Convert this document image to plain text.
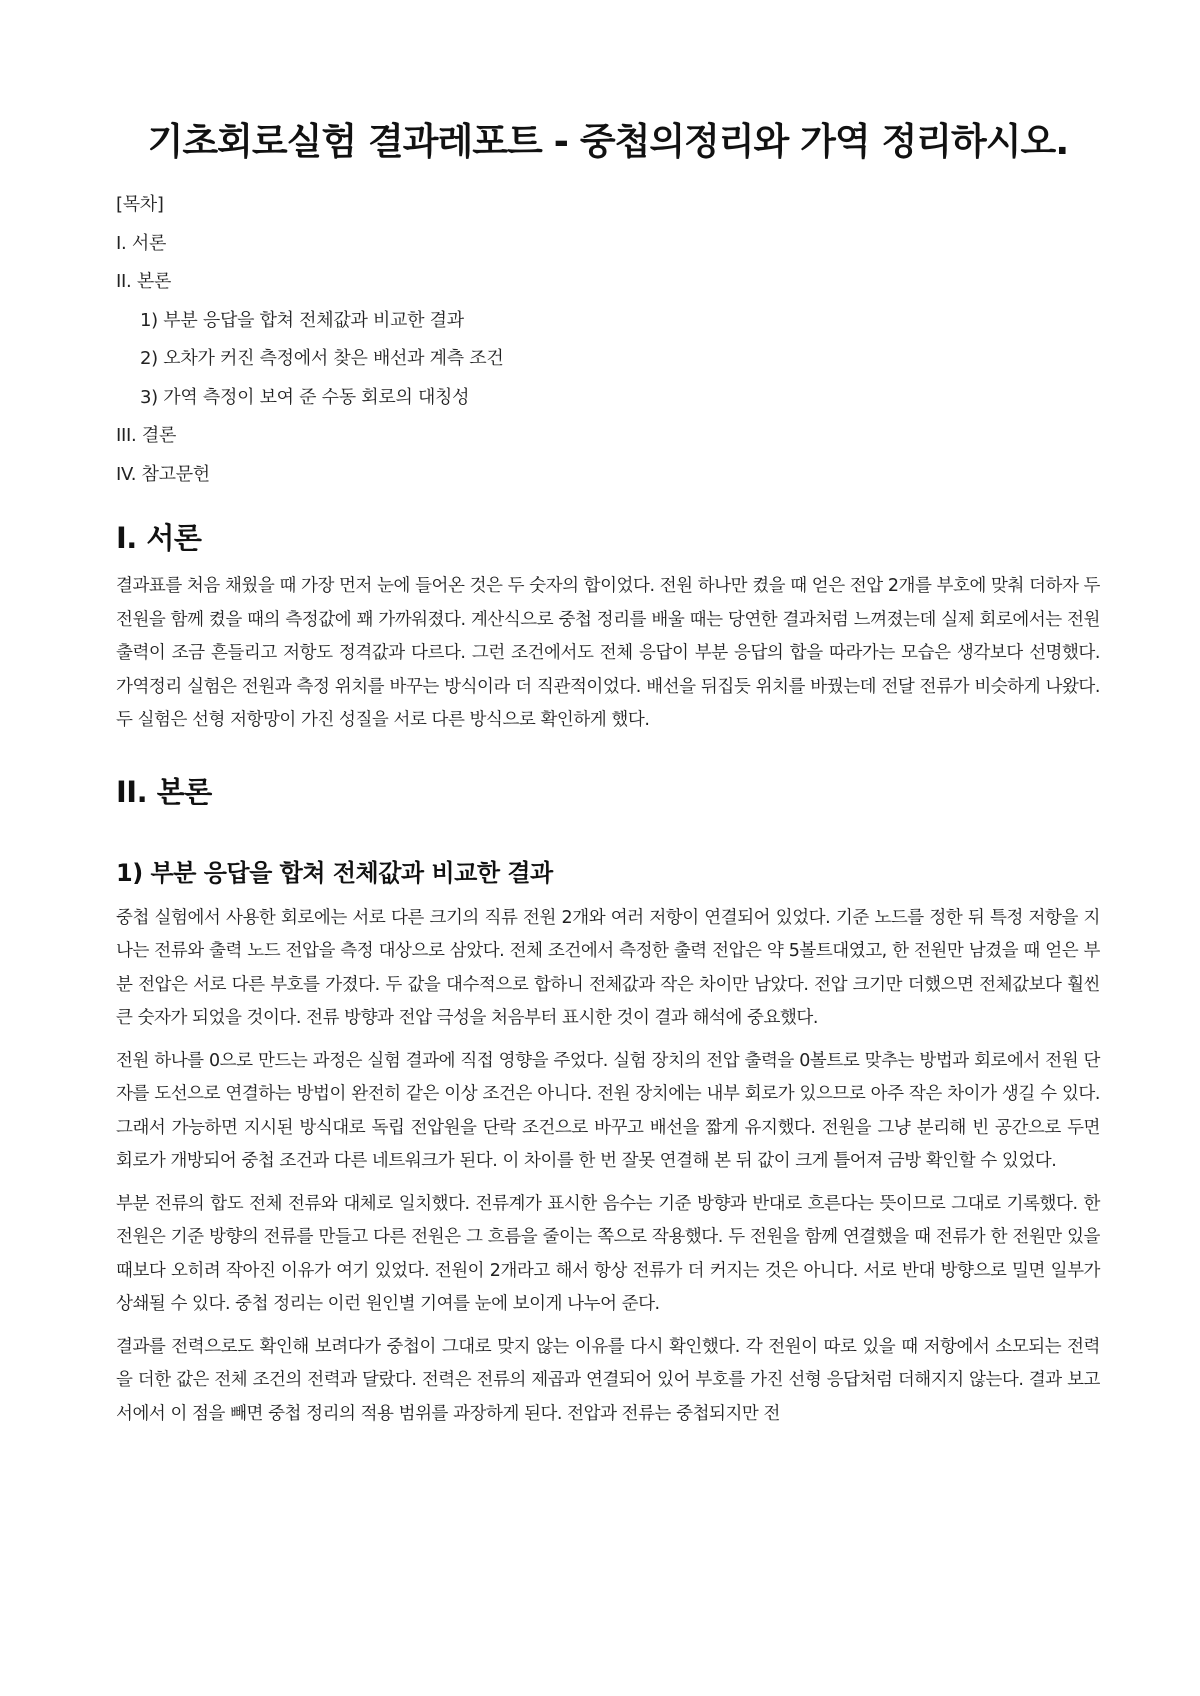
기초회로실험 결과레포트 - 중첩의정리와 가역 정리하시오.
[목차]
I. 서론
II. 본론
1) 부분 응답을 합쳐 전체값과 비교한 결과
2) 오차가 커진 측정에서 찾은 배선과 계측 조건
3) 가역 측정이 보여 준 수동 회로의 대칭성
III. 결론
IV. 참고문헌
I. 서론

결과표를 처음 채웠을 때 가장 먼저 눈에 들어온 것은 두 숫자의 합이었다. 전원 하나만 켰을 때 얻은 전압 2개를 부호에 맞춰 더하자 두 전원을 함께 켰을 때의 측정값에 꽤 가까워졌다. 계산식으로 중첩 정리를 배울 때는 당연한 결과처럼 느껴졌는데 실제 회로에서는 전원 출력이 조금 흔들리고 저항도 정격값과 다르다. 그런 조건에서도 전체 응답이 부분 응답의 합을 따라가는 모습은 생각보다 선명했다. 가역정리 실험은 전원과 측정 위치를 바꾸는 방식이라 더 직관적이었다. 배선을 뒤집듯 위치를 바꿨는데 전달 전류가 비슷하게 나왔다. 두 실험은 선형 저항망이 가진 성질을 서로 다른 방식으로 확인하게 했다.

II. 본론
1) 부분 응답을 합쳐 전체값과 비교한 결과

중첩 실험에서 사용한 회로에는 서로 다른 크기의 직류 전원 2개와 여러 저항이 연결되어 있었다. 기준 노드를 정한 뒤 특정 저항을 지나는 전류와 출력 노드 전압을 측정 대상으로 삼았다. 전체 조건에서 측정한 출력 전압은 약 5볼트대였고, 한 전원만 남겼을 때 얻은 부분 전압은 서로 다른 부호를 가졌다. 두 값을 대수적으로 합하니 전체값과 작은 차이만 남았다. 전압 크기만 더했으면 전체값보다 훨씬 큰 숫자가 되었을 것이다. 전류 방향과 전압 극성을 처음부터 표시한 것이 결과 해석에 중요했다.

전원 하나를 0으로 만드는 과정은 실험 결과에 직접 영향을 주었다. 실험 장치의 전압 출력을 0볼트로 맞추는 방법과 회로에서 전원 단자를 도선으로 연결하는 방법이 완전히 같은 이상 조건은 아니다. 전원 장치에는 내부 회로가 있으므로 아주 작은 차이가 생길 수 있다. 그래서 가능하면 지시된 방식대로 독립 전압원을 단락 조건으로 바꾸고 배선을 짧게 유지했다. 전원을 그냥 분리해 빈 공간으로 두면 회로가 개방되어 중첩 조건과 다른 네트워크가 된다. 이 차이를 한 번 잘못 연결해 본 뒤 값이 크게 틀어져 금방 확인할 수 있었다.

부분 전류의 합도 전체 전류와 대체로 일치했다. 전류계가 표시한 음수는 기준 방향과 반대로 흐른다는 뜻이므로 그대로 기록했다. 한 전원은 기준 방향의 전류를 만들고 다른 전원은 그 흐름을 줄이는 쪽으로 작용했다. 두 전원을 함께 연결했을 때 전류가 한 전원만 있을 때보다 오히려 작아진 이유가 여기 있었다. 전원이 2개라고 해서 항상 전류가 더 커지는 것은 아니다. 서로 반대 방향으로 밀면 일부가 상쇄될 수 있다. 중첩 정리는 이런 원인별 기여를 눈에 보이게 나누어 준다.

결과를 전력으로도 확인해 보려다가 중첩이 그대로 맞지 않는 이유를 다시 확인했다. 각 전원이 따로 있을 때 저항에서 소모되는 전력을 더한 값은 전체 조건의 전력과 달랐다. 전력은 전류의 제곱과 연결되어 있어 부호를 가진 선형 응답처럼 더해지지 않는다. 결과 보고서에서 이 점을 빼면 중첩 정리의 적용 범위를 과장하게 된다. 전압과 전류는 중첩되지만 전
